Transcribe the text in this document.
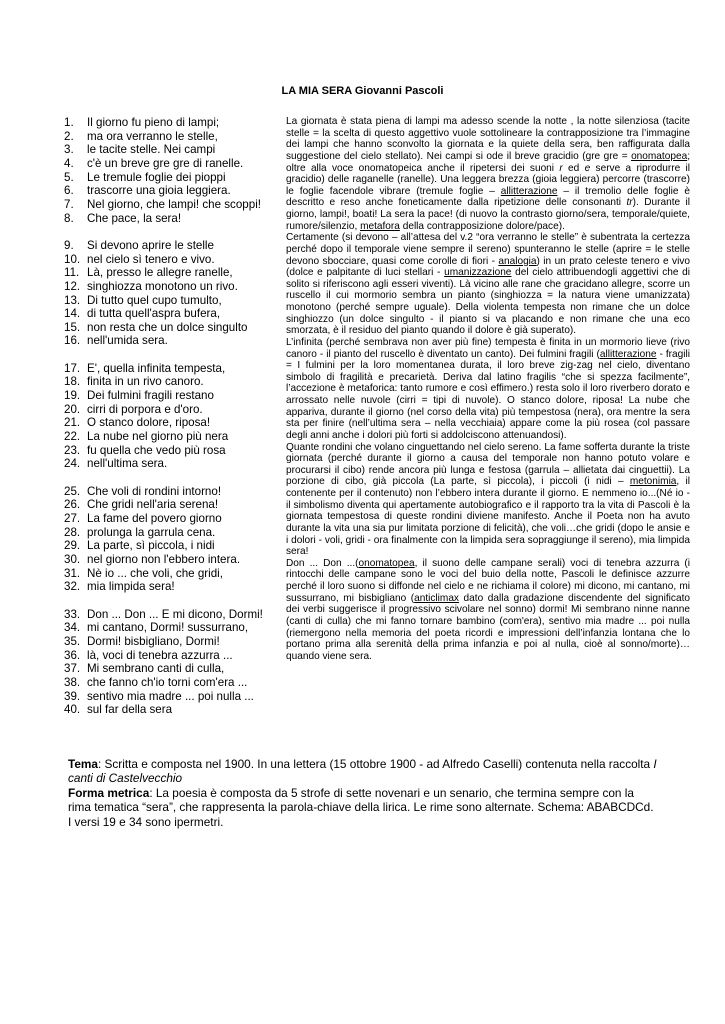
LA MIA SERA Giovanni Pascoli
1.	Il giorno fu pieno di lampi;
2.	ma ora verranno le stelle,
3.	le tacite stelle. Nei campi
4.	c'è un breve gre gre di ranelle.
5.	Le tremule foglie dei pioppi
6.	trascorre una gioia leggiera.
7.	Nel giorno, che lampi! che scoppi!
8.	Che pace, la sera!
9.	Si devono aprire le stelle
10. nel cielo sì tenero e vivo.
11. Là, presso le allegre ranelle,
12. singhiozza monotono un rivo.
13. Di tutto quel cupo tumulto,
14. di tutta quell'aspra bufera,
15. non resta che un dolce singulto
16. nell'umida sera.
17. E', quella infinita tempesta,
18. finita in un rivo canoro.
19. Dei fulmini fragili restano
20. cirri di porpora e d'oro.
21. O stanco dolore, riposa!
22. La nube nel giorno più nera
23. fu quella che vedo più rosa
24. nell'ultima sera.
25. Che voli di rondini intorno!
26. Che gridi nell'aria serena!
27. La fame del povero giorno
28. prolunga la garrula cena.
29. La parte, sì piccola, i nidi
30. nel giorno non l'ebbero intera.
31. Nè io ... che voli, che gridi,
32. mia limpida sera!
33. Don ... Don ... E mi dicono, Dormi!
34. mi cantano, Dormi! sussurrano,
35. Dormi! bisbigliano, Dormi!
36. là, voci di tenebra azzurra ...
37. Mi sembrano canti di culla,
38. che fanno ch'io torni com'era ...
39. sentivo mia madre ... poi nulla ...
40. sul far della sera

La giornata è stata piena di lampi ma adesso scende la notte , la notte silenziosa (tacite stelle = la scelta di questo aggettivo vuole sottolineare la contrapposizione tra l’immagine dei lampi che hanno sconvolto la giornata e la quiete della sera, ben raffigurata dalla suggestione del cielo stellato). Nei campi si ode il breve gracidio (gre gre = onomatopea; oltre alla voce onomatopeica anche il ripetersi dei suoni r ed e serve a riprodurre il gracidio) delle raganelle (ranelle). Una leggera brezza (gioia leggiera) percorre (trascorre) le foglie facendole vibrare (tremule foglie – allitterazione – il tremolio delle foglie è descritto e reso anche foneticamente dalla ripetizione delle consonanti tr). Durante il giorno, lampi!, boati! La sera la pace! (di nuovo la contrasto giorno/sera, temporale/quiete, rumore/silenzio, metafora della contrapposizione dolore/pace).

Certamente (si devono – all’attesa del v.2 “ora verranno le stelle” è subentrata la certezza perché dopo il temporale viene sempre il sereno) spunteranno le stelle (aprire = le stelle devono sbocciare, quasi come corolle di fiori - analogia) in un prato celeste tenero e vivo (dolce e palpitante di luci stellari - umanizzazione del cielo attribuendogli aggettivi che di solito si riferiscono agli esseri viventi). Là vicino alle rane che gracidano allegre, scorre un ruscello il cui mormorio sembra un pianto (singhiozza = la natura viene umanizzata) monotono (perché sempre uguale). Della violenta tempesta non rimane che un dolce singhiozzo (un dolce singulto - il pianto si va placando e non rimane che una eco smorzata, è il residuo del pianto quando il dolore è già superato).

L’infinita (perché sembrava non aver più fine) tempesta è finita in un mormorio lieve (rivo canoro - il pianto del ruscello è diventato un canto). Dei fulmini fragili (allitterazione - fragili = I fulmini per la loro momentanea durata, il loro breve zig-zag nel cielo, diventano simbolo di fragilità e precarietà. Deriva dal latino fragilis “che si spezza facilmente”, l’accezione è metaforica: tanto rumore e così effimero.) resta solo il loro riverbero dorato e arrossato nelle nuvole (cirri = tipi di nuvole). O stanco dolore, riposa! La nube che appariva, durante il giorno (nel corso della vita) più tempestosa (nera), ora mentre la sera sta per finire (nell’ultima sera – nella vecchiaia) appare come la più rosea (col passare degli anni anche i dolori più forti si addolciscono attenuandosi).

Quante rondini che volano cinguettando nel cielo sereno. La fame sofferta durante la triste giornata (perché durante il giorno a causa del temporale non hanno potuto volare e procurarsi il cibo) rende ancora più lunga e festosa (garrula – allietata dai cinguettii). La porzione di cibo, già piccola (La parte, sì piccola), i piccoli (i nidi – metonimia, il contenente per il contenuto) non l’ebbero intera durante il giorno. E nemmeno io...(Né io - il simbolismo diventa qui apertamente autobiografico e il rapporto tra la vita di Pascoli è la giornata tempestosa di queste rondini diviene manifesto. Anche il Poeta non ha avuto durante la vita una sia pur limitata porzione di felicità), che voli…che gridi (dopo le ansie e i dolori - voli, gridi - ora finalmente con la limpida sera sopraggiunge il sereno), mia limpida sera!

Don ... Don ...(onomatopea, il suono delle campane serali) voci di tenebra azzurra (i rintocchi delle campane sono le voci del buio della notte, Pascoli le definisce azzurre perché il loro suono si diffonde nel cielo e ne richiama il colore) mi dicono, mi cantano, mi sussurrano, mi bisbigliano (anticlimax dato dalla gradazione discendente del significato dei verbi suggerisce il progressivo scivolare nel sonno) dormi! Mi sembrano ninne nanne (canti di culla) che mi fanno tornare bambino (com'era), sentivo mia madre ... poi nulla (riemergono nella memoria del poeta ricordi e impressioni dell’infanzia lontana che lo portano prima alla serenità della prima infanzia e poi al nulla, cioè al sonno/morte)…quando viene sera.

Tema: Scritta e composta nel 1900. In una lettera (15 ottobre 1900 - ad Alfredo Caselli) contenuta nella raccolta I canti di Castelvecchio

Forma metrica: La poesia è composta da 5 strofe di sette novenari e un senario, che termina sempre con la rima tematica “sera”, che rappresenta la parola-chiave della lirica. Le rime sono alternate. Schema: ABABCDCd. I versi 19 e 34 sono ipermetri.
